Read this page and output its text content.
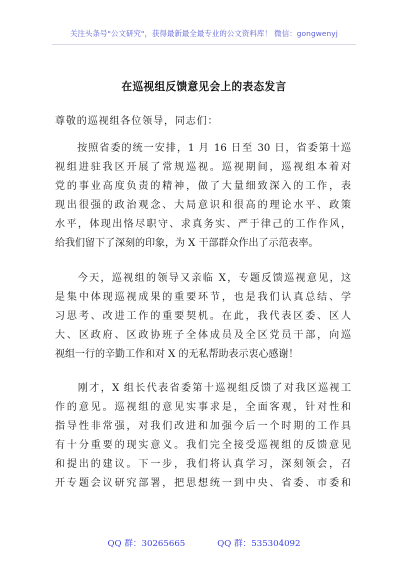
关注头条号"公文研究"，获得最新最全最专业的公文资料库！ 微信：gongwenyj
在巡视组反馈意见会上的表态发言
尊敬的巡视组各位领导，同志们：
　　按照省委的统一安排，1 月 16 日至 30 日，省委第十巡
视组进驻我区开展了常规巡视。巡视期间，巡视组本着对
党的事业高度负责的精神，做了大量细致深入的工作，表
现出很强的政治观念、大局意识和很高的理论水平、政策
水平，体现出恪尽职守、求真务实、严于律己的工作作风，
给我们留下了深刻的印象，为 X 干部群众作出了示范表率。
　　今天，巡视组的领导又亲临 X，专题反馈巡视意见，这
是集中体现巡视成果的重要环节，也是我们认真总结、学
习思考、改进工作的重要契机。在此，我代表区委、区人
大、区政府、区政协班子全体成员及全区党员干部，向巡
视组一行的辛勤工作和对 X 的无私帮助表示衷心感谢！
　　刚才，X 组长代表省委第十巡视组反馈了对我区巡视工
作的意见。巡视组的意见实事求是，全面客观，针对性和
指导性非常强，对我们改进和加强今后一个时期的工作具
有十分重要的现实意义。我们完全接受巡视组的反馈意见
和提出的建议。下一步，我们将认真学习，深刻领会，召
开专题会议研究部署，把思想统一到中央、省委、市委和
QQ 群：30265665	QQ 群：535304092
